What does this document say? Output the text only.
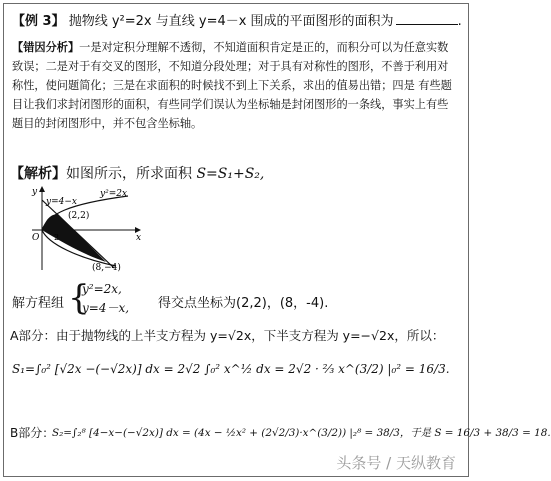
【例 3】 抛物线 y²=2x 与直线 y=4－x 围成的平面图形的面积为	.
【错因分析】一是对定积分理解不透彻，不知道面积肯定是正的，而积分可以为任意实数致误；二是对于有交叉的图形，不知道分段处理；对于具有对称性的图形，不善于利用对称性，使问题简化；三是在求面积的时候找不到上下关系，求出的值易出错；四是 有些题目让我们求封闭图形的面积，有些同学们误认为坐标轴是封闭图形的一条线，事实上有些题目的封闭图形中，并不包含坐标轴。
【解析】如图所示，所求面积 S=S₁+S₂,
y
x
O
y=4−x
y²=2x
(2,2)
(8,−4)
2
解方程组 {
y²=2x,
y=4－x, 得交点坐标为(2,2)，(8，-4).
A部分：由于抛物线的上半支方程为 y=√2x，下半支方程为 y=−√2x，所以：
S₁=∫₀² [√2x −(−√2x)] dx = 2√2 ∫₀² x^½ dx = 2√2 · ⅔ x^(3/2) |₀² = 16/3.
B部分：
S₂=∫₂⁸ [4−x−(−√2x)] dx = (4x − ½x² + (2√2/3)·x^(3/2)) |₂⁸ = 38/3，于是 S = 16/3 + 38/3 = 18.
头条号 / 天纵教育
